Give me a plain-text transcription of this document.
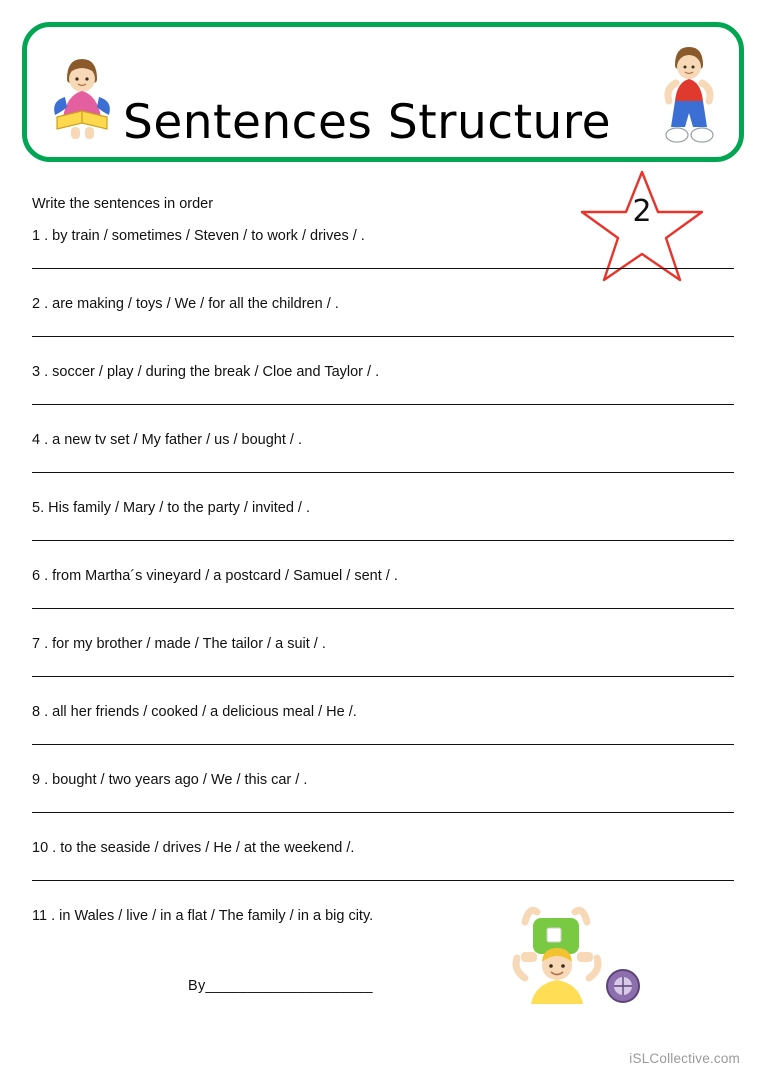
Sentences Structure
2
Write the sentences in order
1 . by train / sometimes / Steven / to work / drives / .
2 . are making / toys / We / for all the children / .
3 . soccer / play / during the break / Cloe and Taylor / .
4 . a new tv set / My father / us / bought / .
5. His family / Mary / to the party / invited / .
6 . from Martha´s vineyard / a postcard / Samuel / sent / .
7 . for my brother / made / The tailor / a suit / .
8 . all her friends / cooked / a delicious meal / He /.
9 . bought / two years ago / We / this car / .
10 . to the seaside / drives / He / at the weekend /.
11 . in Wales / live / in a flat / The family / in a big city.
By____________________
iSLCollective.com
